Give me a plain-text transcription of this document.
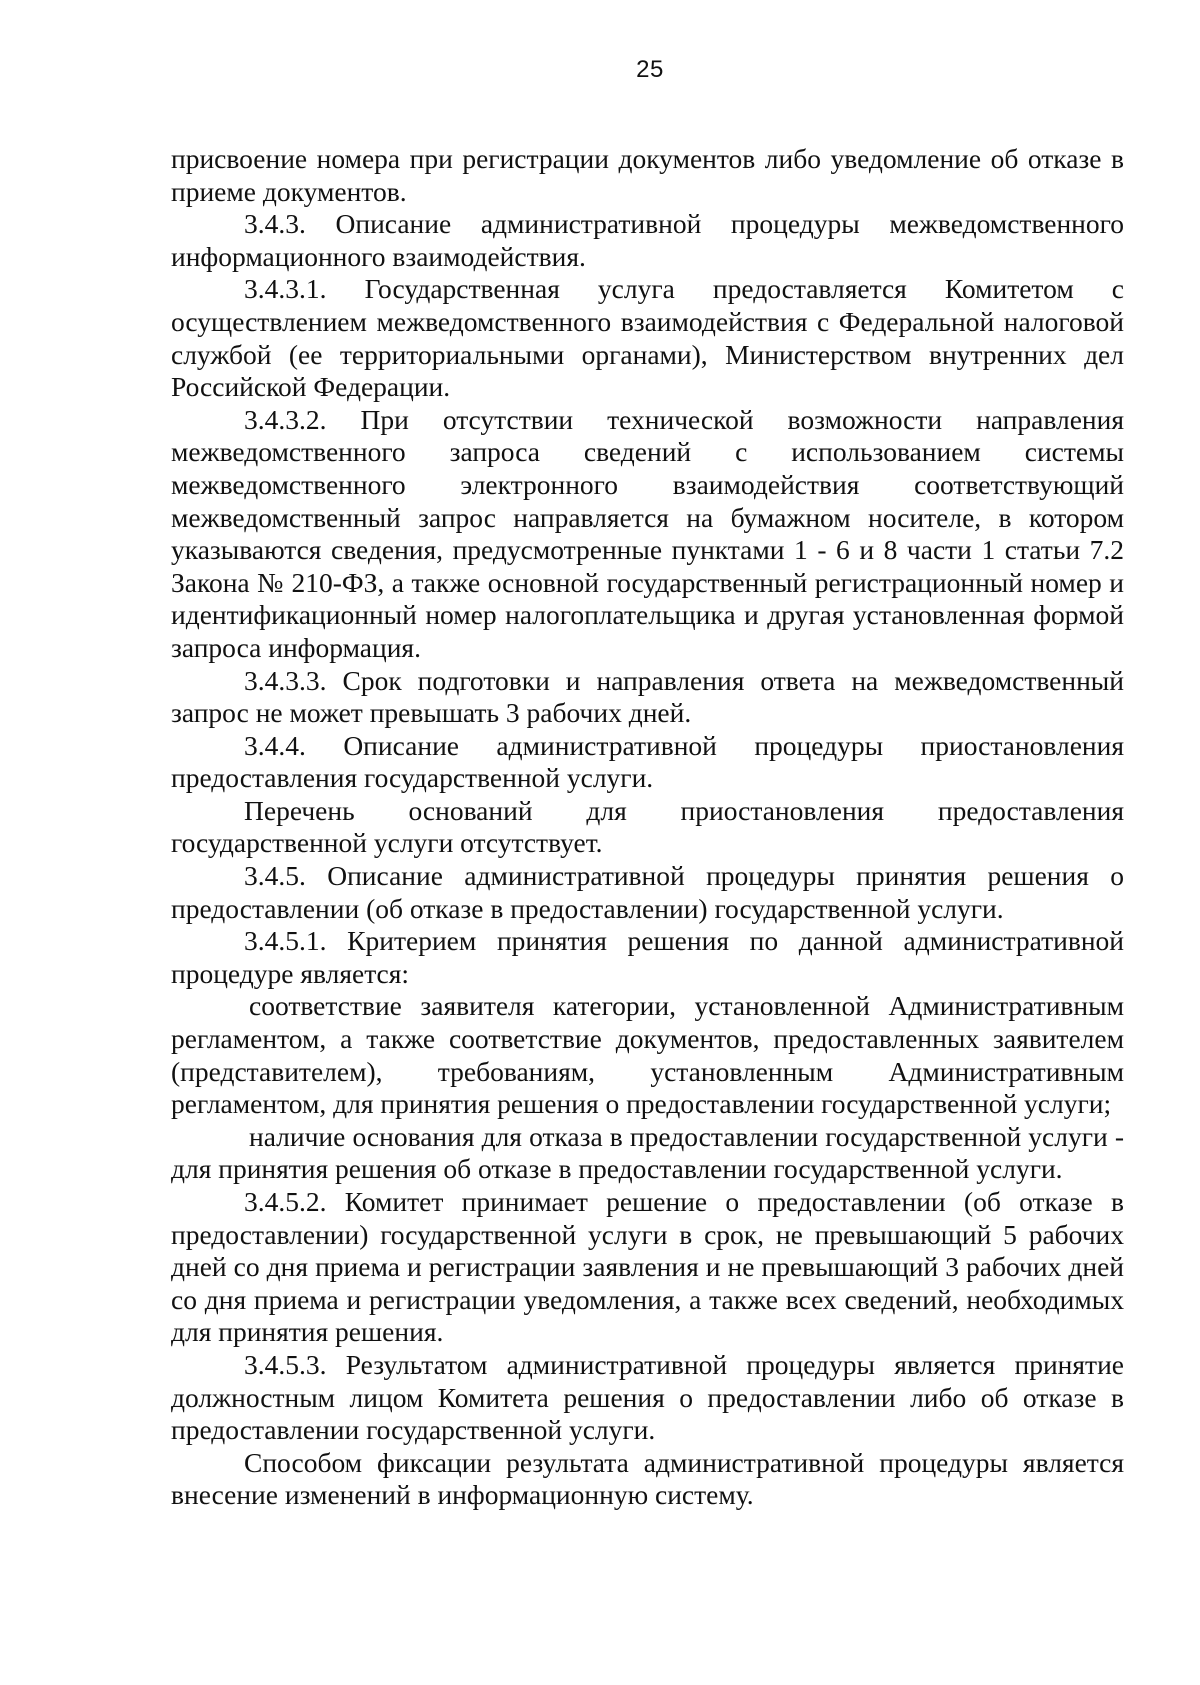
25

присвоение номера при регистрации документов либо уведомление об отказе в приеме документов.

3.4.3. Описание административной процедуры межведомственного информационного взаимодействия.

3.4.3.1. Государственная услуга предоставляется Комитетом с осуществлением межведомственного взаимодействия с Федеральной налоговой службой (ее территориальными органами), Министерством внутренних дел Российской Федерации.

3.4.3.2. При отсутствии технической возможности направления межведомственного запроса сведений с использованием системы межведомственного электронного взаимодействия соответствующий межведомственный запрос направляется на бумажном носителе, в котором указываются сведения, предусмотренные пунктами 1 - 6 и 8 части 1 статьи 7.2 Закона № 210-ФЗ, а также основной государственный регистрационный номер и идентификационный номер налогоплательщика и другая установленная формой запроса информация.

3.4.3.3. Срок подготовки и направления ответа на межведомственный запрос не может превышать 3 рабочих дней.

3.4.4. Описание административной процедуры приостановления предоставления государственной услуги.

Перечень оснований для приостановления предоставления государственной услуги отсутствует.

3.4.5. Описание административной процедуры принятия решения о предоставлении (об отказе в предоставлении) государственной услуги.

3.4.5.1. Критерием принятия решения по данной административной процедуре является:

соответствие заявителя категории, установленной Административным регламентом, а также соответствие документов, предоставленных заявителем (представителем), требованиям, установленным Административным регламентом, для принятия решения о предоставлении государственной услуги;

наличие основания для отказа в предоставлении государственной услуги - для принятия решения об отказе в предоставлении государственной услуги.

3.4.5.2. Комитет принимает решение о предоставлении (об отказе в предоставлении) государственной услуги в срок, не превышающий 5 рабочих дней со дня приема и регистрации заявления и не превышающий 3 рабочих дней со дня приема и регистрации уведомления, а также всех сведений, необходимых для принятия решения.

3.4.5.3. Результатом административной процедуры является принятие должностным лицом Комитета решения о предоставлении либо об отказе в предоставлении государственной услуги.

Способом фиксации результата административной процедуры является внесение изменений в информационную систему.
